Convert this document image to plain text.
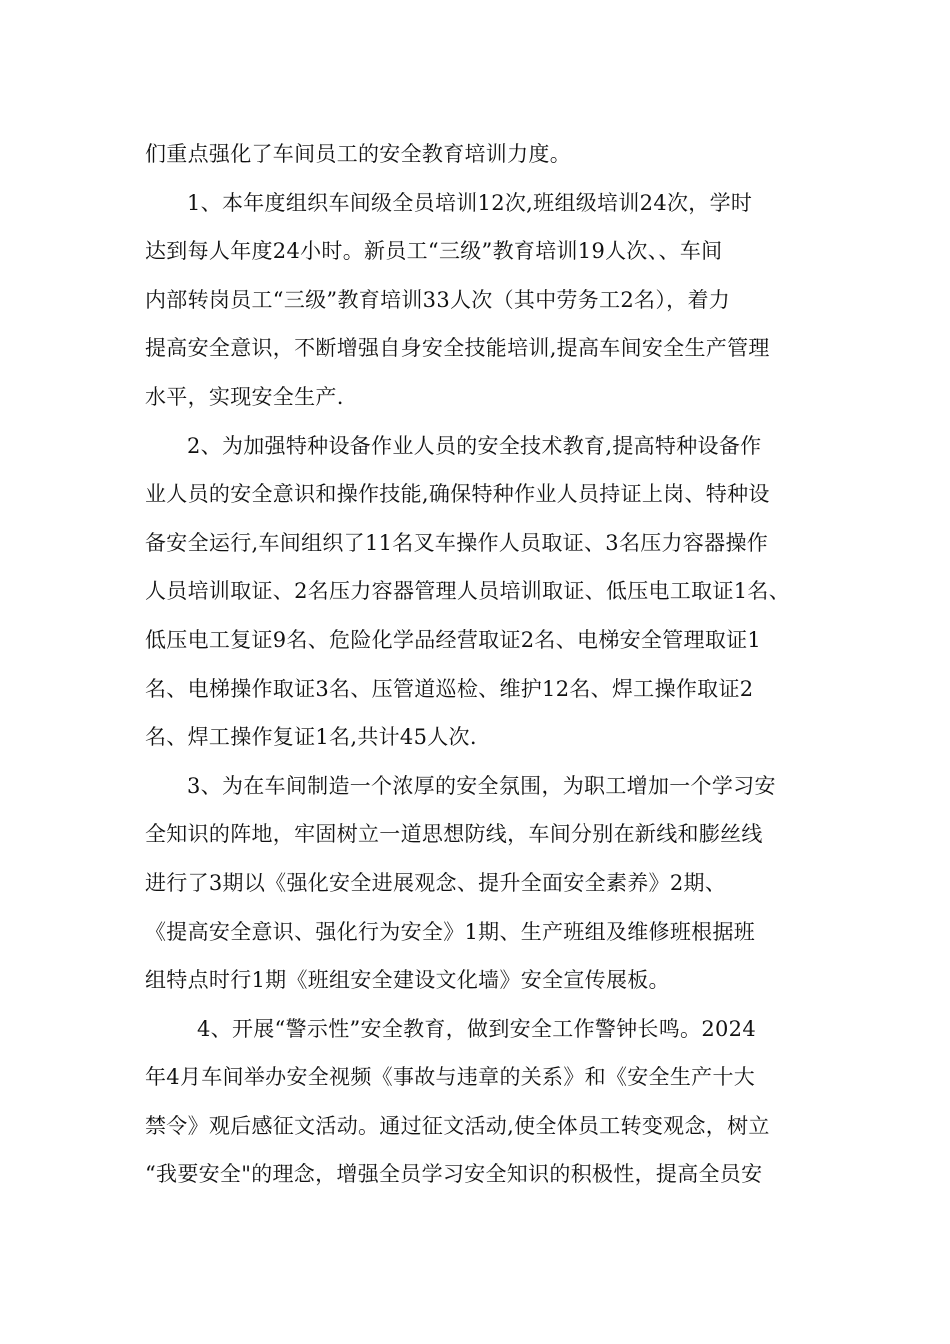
们重点强化了车间员工的安全教育培训力度。
1、本年度组织车间级全员培训12次,班组级培训24次，学时
达到每人年度24小时。新员工“三级”教育培训19人次、、车间
内部转岗员工“三级”教育培训33人次（其中劳务工2名），着力
提高安全意识，不断增强自身安全技能培训,提高车间安全生产管理
水平，实现安全生产.
2、为加强特种设备作业人员的安全技术教育,提高特种设备作
业人员的安全意识和操作技能,确保特种作业人员持证上岗、特种设
备安全运行,车间组织了11名叉车操作人员取证、3名压力容器操作
人员培训取证、2名压力容器管理人员培训取证、低压电工取证1名、
低压电工复证9名、危险化学品经营取证2名、电梯安全管理取证1
名、电梯操作取证3名、压管道巡检、维护12名、焊工操作取证2
名、焊工操作复证1名,共计45人次.
3、为在车间制造一个浓厚的安全氛围，为职工增加一个学习安
全知识的阵地，牢固树立一道思想防线，车间分别在新线和膨丝线
进行了3期以《强化安全进展观念、提升全面安全素养》2期、
《提高安全意识、强化行为安全》1期、生产班组及维修班根据班
组特点时行1期《班组安全建设文化墙》安全宣传展板。
4、开展“警示性”安全教育，做到安全工作警钟长鸣。2024
年4月车间举办安全视频《事故与违章的关系》和《安全生产十大
禁令》观后感征文活动。通过征文活动,使全体员工转变观念，树立
“我要安全"的理念，增强全员学习安全知识的积极性，提高全员安
